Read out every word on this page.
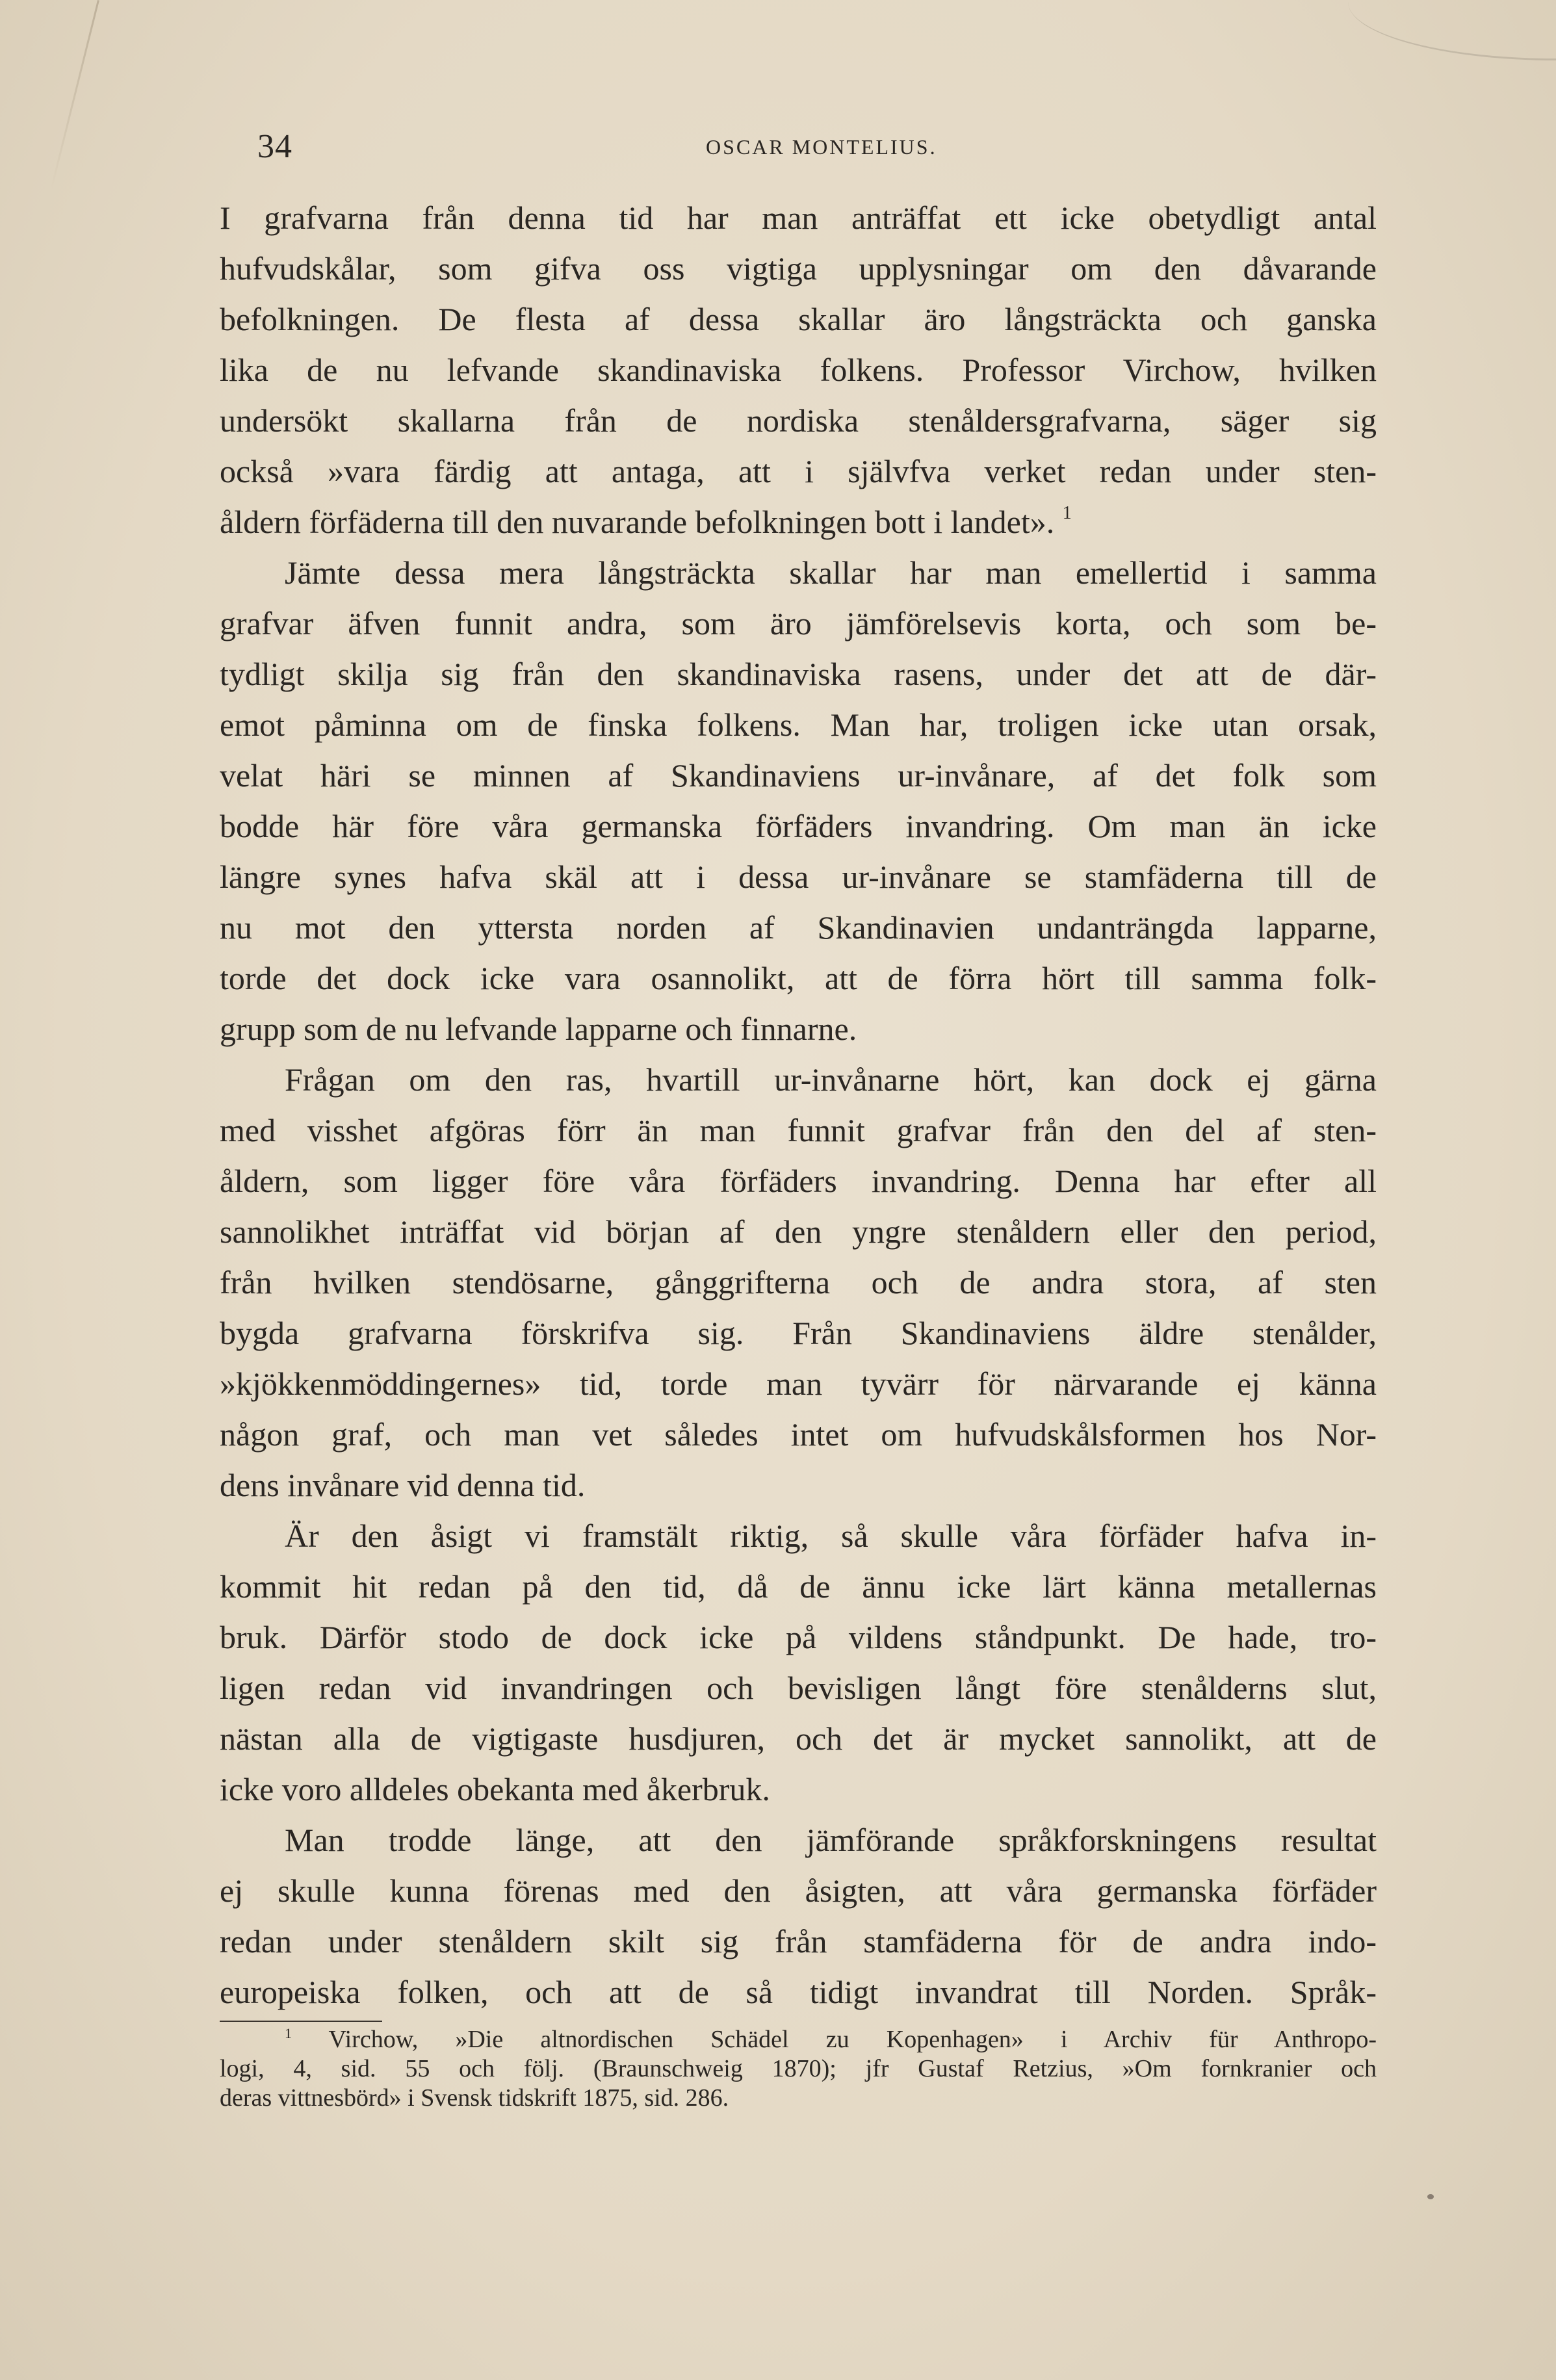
34	OSCAR MONTELIUS.
I grafvarna från denna tid har man anträffat ett icke obetydligt antal
hufvudskålar, som gifva oss vigtiga upplysningar om den dåvarande
befolkningen. De flesta af dessa skallar äro långsträckta och ganska
lika de nu lefvande skandinaviska folkens. Professor Virchow, hvilken
undersökt skallarna från de nordiska stenåldersgrafvarna, säger sig
också »vara färdig att antaga, att i självfva verket redan under sten-
åldern förfäderna till den nuvarande befolkningen bott i landet». $^1$
Jämte dessa mera långsträckta skallar har man emellertid i samma
grafvar äfven funnit andra, som äro jämförelsevis korta, och som be-
tydligt skilja sig från den skandinaviska rasens, under det att de där-
emot påminna om de finska folkens. Man har, troligen icke utan orsak,
velat häri se minnen af Skandinaviens ur-invånare, af det folk som
bodde här före våra germanska förfäders invandring. Om man än icke
längre synes hafva skäl att i dessa ur-invånare se stamfäderna till de
nu mot den yttersta norden af Skandinavien undanträngda lapparne,
torde det dock icke vara osannolikt, att de förra hört till samma folk-
grupp som de nu lefvande lapparne och finnarne.
Frågan om den ras, hvartill ur-invånarne hört, kan dock ej gärna
med visshet afgöras förr än man funnit grafvar från den del af sten-
åldern, som ligger före våra förfäders invandring. Denna har efter all
sannolikhet inträffat vid början af den yngre stenåldern eller den period,
från hvilken stendösarne, gånggrifterna och de andra stora, af sten
bygda grafvarna förskrifva sig. Från Skandinaviens äldre stenålder,
»kjökkenmöddingernes» tid, torde man tyvärr för närvarande ej känna
någon graf, och man vet således intet om hufvudskålsformen hos Nor-
dens invånare vid denna tid.
Är den åsigt vi framstält riktig, så skulle våra förfäder hafva in-
kommit hit redan på den tid, då de ännu icke lärt känna metallernas
bruk. Därför stodo de dock icke på vildens ståndpunkt. De hade, tro-
ligen redan vid invandringen och bevisligen långt före stenålderns slut,
nästan alla de vigtigaste husdjuren, och det är mycket sannolikt, att de
icke voro alldeles obekanta med åkerbruk.
Man trodde länge, att den jämförande språkforskningens resultat
ej skulle kunna förenas med den åsigten, att våra germanska förfäder
redan under stenåldern skilt sig från stamfäderna för de andra indo-
europeiska folken, och att de så tidigt invandrat till Norden. Språk-
$^1$ Virchow, »Die altnordischen Schädel zu Kopenhagen» i Archiv für Anthropo-
logi, 4, sid. 55 och följ. (Braunschweig 1870); jfr Gustaf Retzius, »Om fornkranier och
deras vittnesbörd» i Svensk tidskrift 1875, sid. 286.
